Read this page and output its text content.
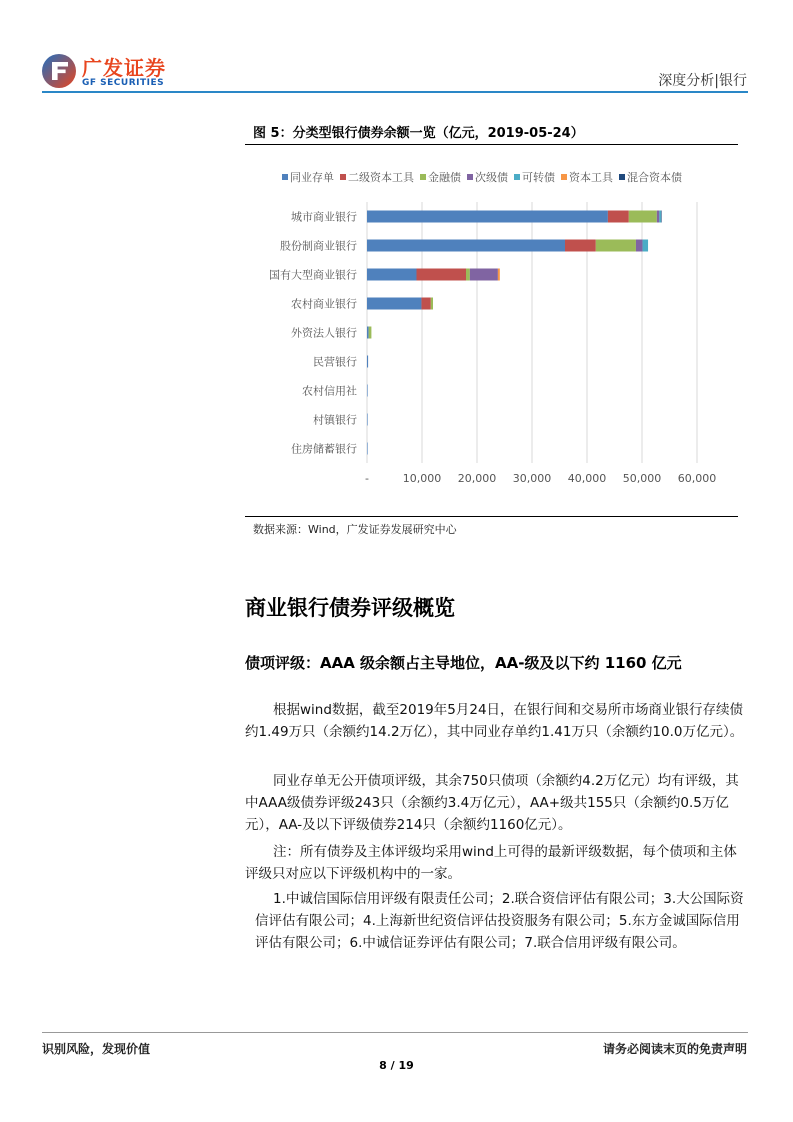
广发证券
GF SECURITIES	深度分析|银行
图 5：分类型银行债券余额一览（亿元，2019-05-24）
同业存单 二级资本工具 金融债 次级债 可转债 资本工具 混合资本债
-	10,000 20,000 30,000 40,000 50,000 60,000
城市商业银行
股份制商业银行
国有大型商业银行
农村商业银行
外资法人银行
民营银行
农村信用社
村镇银行
住房储蓄银行
数据来源：Wind，广发证券发展研究中心
商业银行债券评级概览
债项评级：AAA 级余额占主导地位，AA-级及以下约 1160 亿元

根据wind数据，截至2019年5月24日，在银行间和交易所市场商业银行存续债约1.49万只（余额约14.2万亿），其中同业存单约1.41万只（余额约10.0万亿元）。

同业存单无公开债项评级，其余750只债项（余额约4.2万亿元）均有评级，其中AAA级债券评级243只（余额约3.4万亿元），AA+级共155只（余额约0.5万亿元），AA-及以下评级债券214只（余额约1160亿元）。

注：所有债券及主体评级均采用wind上可得的最新评级数据，每个债项和主体评级只对应以下评级机构中的一家。

1.中诚信国际信用评级有限责任公司；2.联合资信评估有限公司；3.大公国际资信评估有限公司；4.上海新世纪资信评估投资服务有限公司；5.东方金诚国际信用评估有限公司；6.中诚信证券评估有限公司；7.联合信用评级有限公司。

识别风险，发现价值	请务必阅读末页的免责声明
8 / 19
